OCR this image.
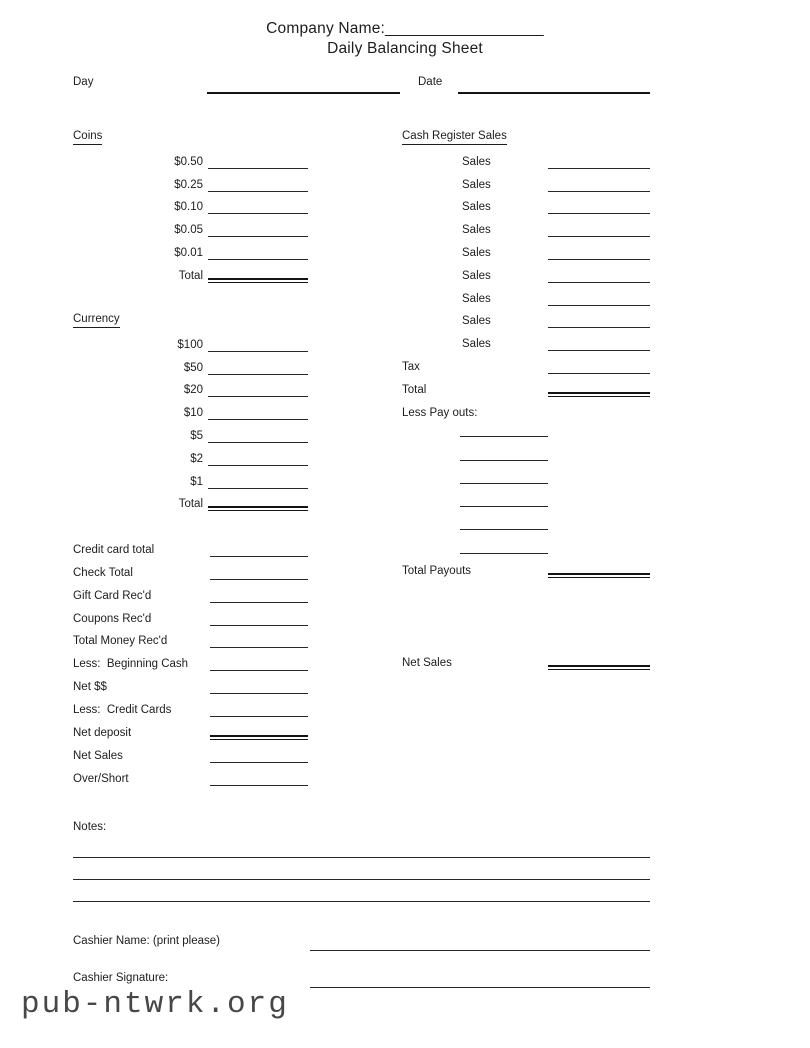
Company Name:__________________
Daily Balancing Sheet
Day	Date
Coins
$0.50
$0.25
$0.10
$0.05
$0.01
Total
Cash Register Sales
Sales
Sales
Sales
Sales
Sales
Sales
Sales
Sales
Sales
Tax
Total
Less Pay outs:
Total Payouts
Net Sales
Currency
$100
$50
$20
$10
$5
$2
$1
Total
Credit card total
Check Total
Gift Card Rec'd
Coupons Rec'd
Total Money Rec'd
Less:  Beginning Cash
Net $$
Less:  Credit Cards
Net deposit
Net Sales
Over/Short
Notes:
Cashier Name: (print please)
Cashier Signature:
pub-ntwrk.org
